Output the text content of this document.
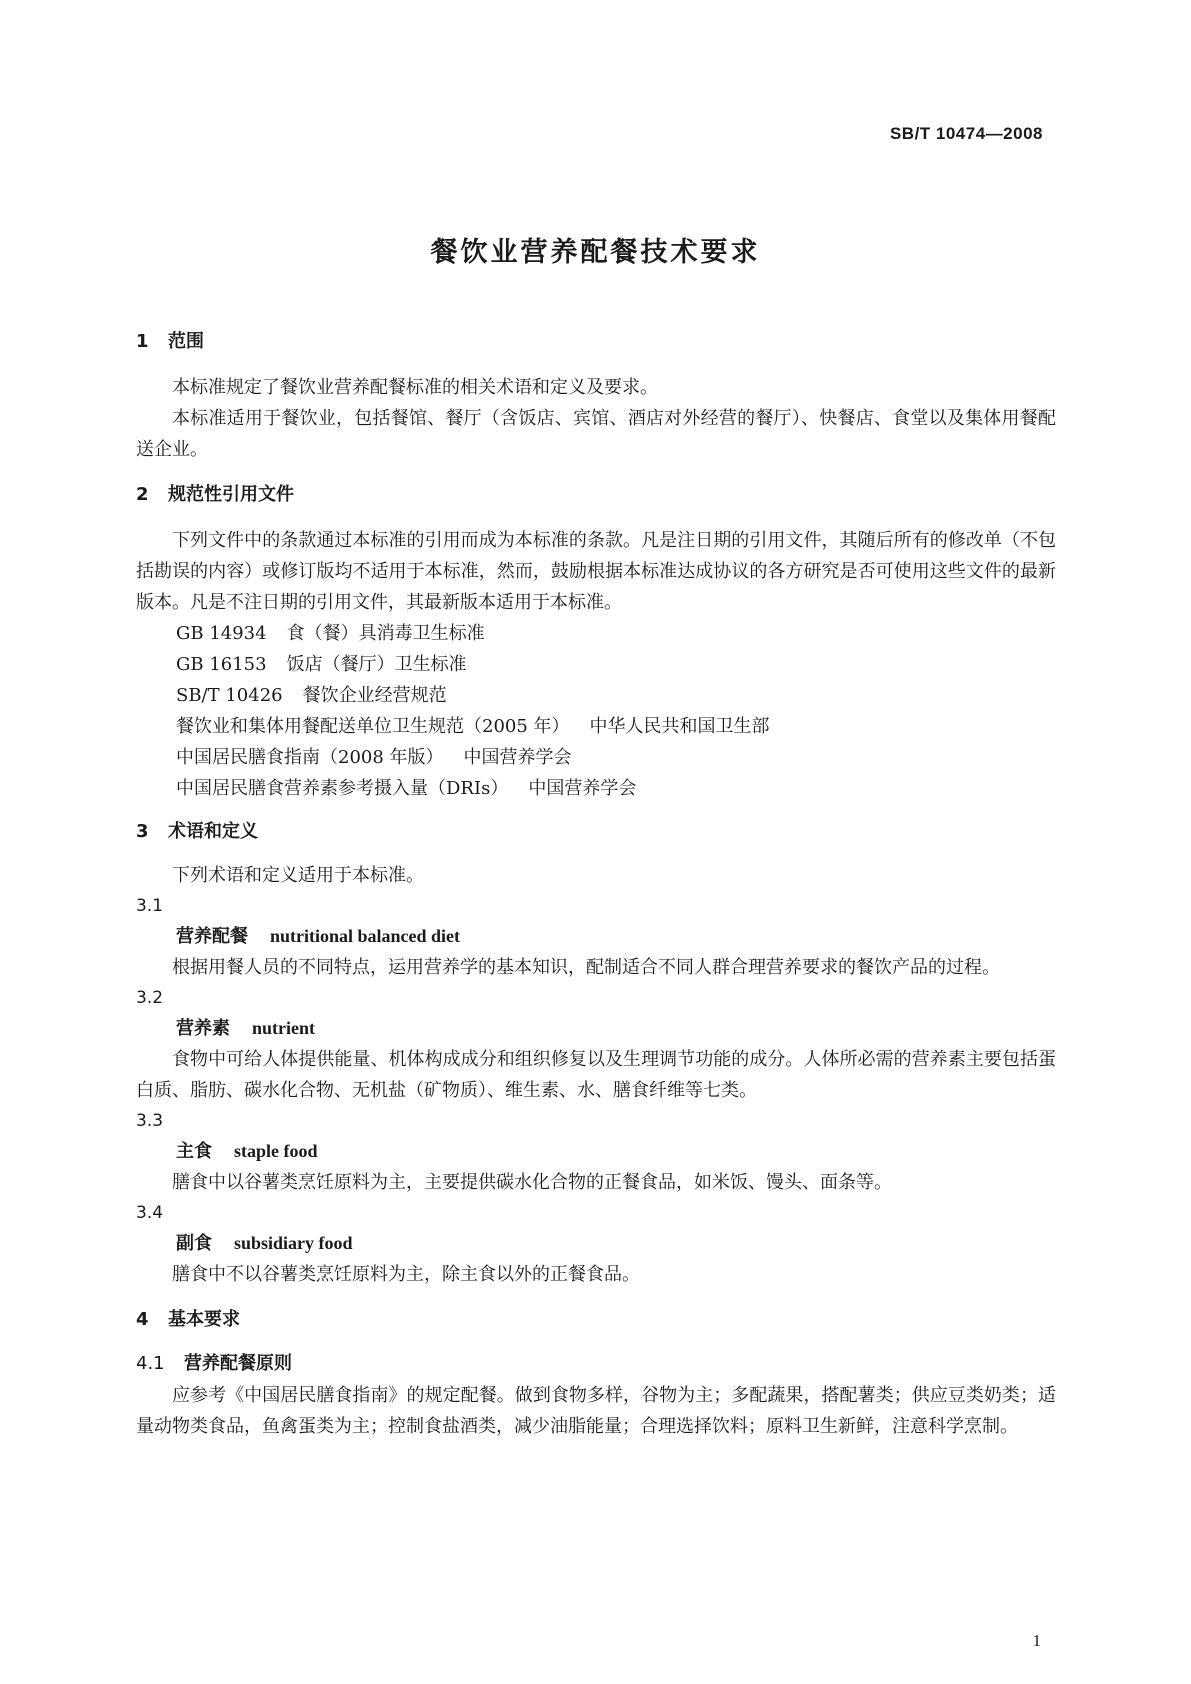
SB/T 10474—2008
餐饮业营养配餐技术要求

1 范围

本标准规定了餐饮业营养配餐标准的相关术语和定义及要求。

本标准适用于餐饮业，包括餐馆、餐厅（含饭店、宾馆、酒店对外经营的餐厅）、快餐店、食堂以及集体用餐配送企业。

2 规范性引用文件

下列文件中的条款通过本标准的引用而成为本标准的条款。凡是注日期的引用文件，其随后所有的修改单（不包括勘误的内容）或修订版均不适用于本标准，然而，鼓励根据本标准达成协议的各方研究是否可使用这些文件的最新版本。凡是不注日期的引用文件，其最新版本适用于本标准。

GB 14934 食（餐）具消毒卫生标准

GB 16153 饭店（餐厅）卫生标准

SB/T 10426 餐饮企业经营规范

餐饮业和集体用餐配送单位卫生规范（2005 年） 中华人民共和国卫生部

中国居民膳食指南（2008 年版） 中国营养学会

中国居民膳食营养素参考摄入量（DRIs） 中国营养学会

3 术语和定义

下列术语和定义适用于本标准。

3.1

营养配餐 nutritional balanced diet

根据用餐人员的不同特点，运用营养学的基本知识，配制适合不同人群合理营养要求的餐饮产品的过程。

3.2

营养素 nutrient

食物中可给人体提供能量、机体构成成分和组织修复以及生理调节功能的成分。人体所必需的营养素主要包括蛋白质、脂肪、碳水化合物、无机盐（矿物质）、维生素、水、膳食纤维等七类。

3.3

主食 staple food

膳食中以谷薯类烹饪原料为主，主要提供碳水化合物的正餐食品，如米饭、馒头、面条等。

3.4

副食 subsidiary food

膳食中不以谷薯类烹饪原料为主，除主食以外的正餐食品。

4 基本要求

4.1 营养配餐原则

应参考《中国居民膳食指南》的规定配餐。做到食物多样，谷物为主；多配蔬果，搭配薯类；供应豆类奶类；适量动物类食品，鱼禽蛋类为主；控制食盐酒类，减少油脂能量；合理选择饮料；原料卫生新鲜，注意科学烹制。

1
